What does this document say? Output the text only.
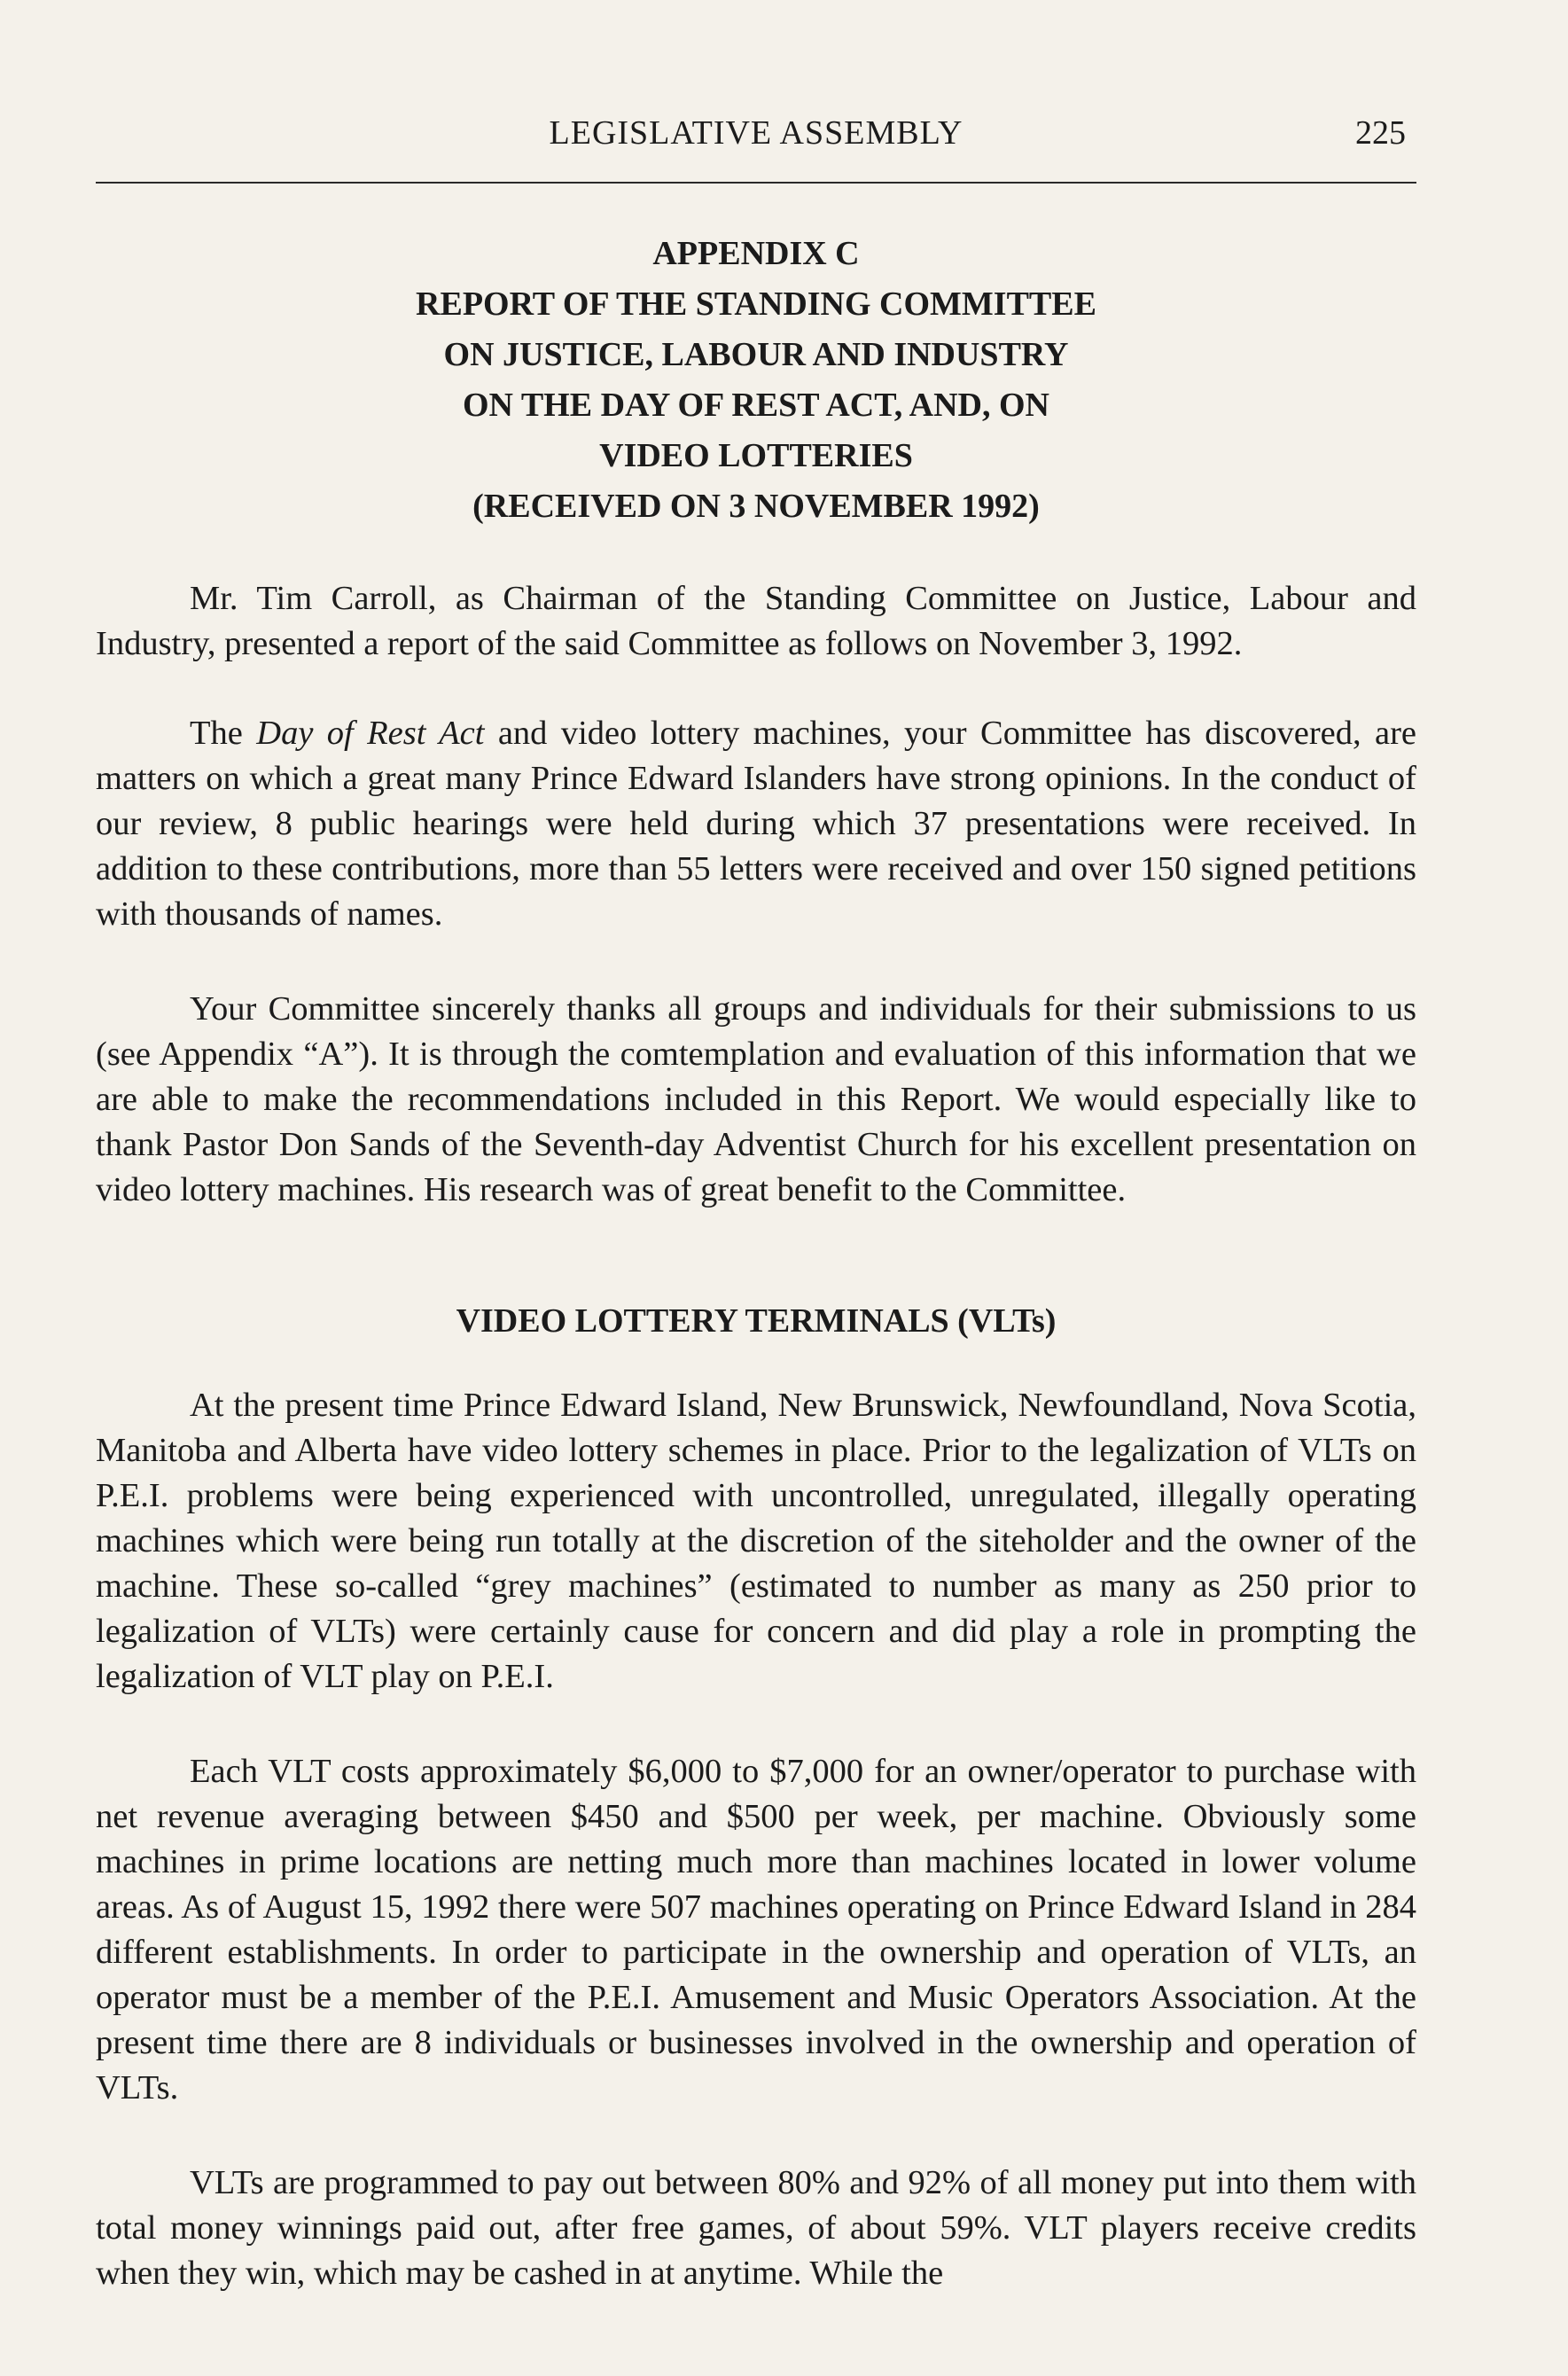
LEGISLATIVE ASSEMBLY	225
APPENDIX C
REPORT OF THE STANDING COMMITTEE
ON JUSTICE, LABOUR AND INDUSTRY
ON THE DAY OF REST ACT, AND, ON
VIDEO LOTTERIES
(RECEIVED ON 3 NOVEMBER 1992)

Mr. Tim Carroll, as Chairman of the Standing Committee on Justice, Labour and Industry, presented a report of the said Committee as follows on November 3, 1992.

The Day of Rest Act and video lottery machines, your Committee has discovered, are matters on which a great many Prince Edward Islanders have strong opinions. In the conduct of our review, 8 public hearings were held during which 37 presentations were received. In addition to these contributions, more than 55 letters were received and over 150 signed petitions with thousands of names.

Your Committee sincerely thanks all groups and individuals for their submissions to us (see Appendix “A”). It is through the comtemplation and evaluation of this information that we are able to make the recommendations included in this Report. We would especially like to thank Pastor Don Sands of the Seventh-day Adventist Church for his excellent presentation on video lottery machines. His research was of great benefit to the Committee.

VIDEO LOTTERY TERMINALS (VLTs)

At the present time Prince Edward Island, New Brunswick, Newfoundland, Nova Scotia, Manitoba and Alberta have video lottery schemes in place. Prior to the legalization of VLTs on P.E.I. problems were being experienced with uncontrolled, unregulated, illegally operating machines which were being run totally at the discretion of the siteholder and the owner of the machine. These so-called “grey machines” (estimated to number as many as 250 prior to legalization of VLTs) were certainly cause for concern and did play a role in prompting the legalization of VLT play on P.E.I.

Each VLT costs approximately $6,000 to $7,000 for an owner/operator to purchase with net revenue averaging between $450 and $500 per week, per machine. Obviously some machines in prime locations are netting much more than machines located in lower volume areas. As of August 15, 1992 there were 507 machines operating on Prince Edward Island in 284 different establishments. In order to participate in the ownership and operation of VLTs, an operator must be a member of the P.E.I. Amusement and Music Operators Association. At the present time there are 8 individuals or businesses involved in the ownership and operation of VLTs.

VLTs are programmed to pay out between 80% and 92% of all money put into them with total money winnings paid out, after free games, of about 59%. VLT players receive credits when they win, which may be cashed in at anytime. While the
